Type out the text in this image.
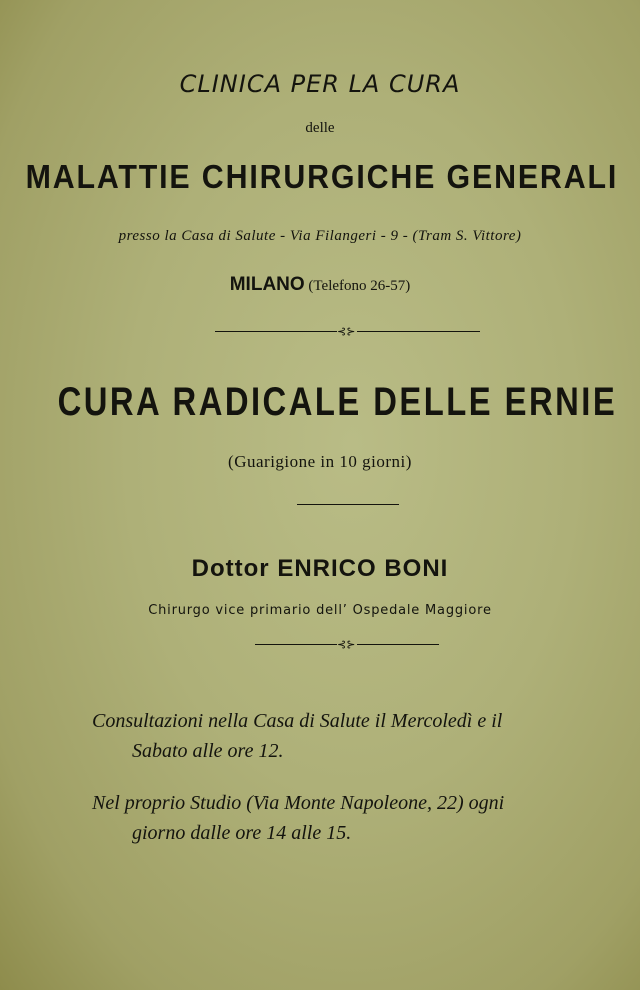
CLINICA PER LA CURA
delle
MALATTIE CHIRURGICHE GENERALI
presso la Casa di Salute - Via Filangeri - 9 - (Tram S. Vittore)
MILANO (Telefono 26-57)
⊰⊱
CURA RADICALE DELLE ERNIE
(Guarigione in 10 giorni)
Dottor ENRICO BONI
Chirurgo vice primario dell’ Ospedale Maggiore
⊰⊱
Consultazioni nella Casa di Salute il Mercoledì e il
Sabato alle ore 12.
Nel proprio Studio (Via Monte Napoleone, 22) ogni
giorno dalle ore 14 alle 15.
